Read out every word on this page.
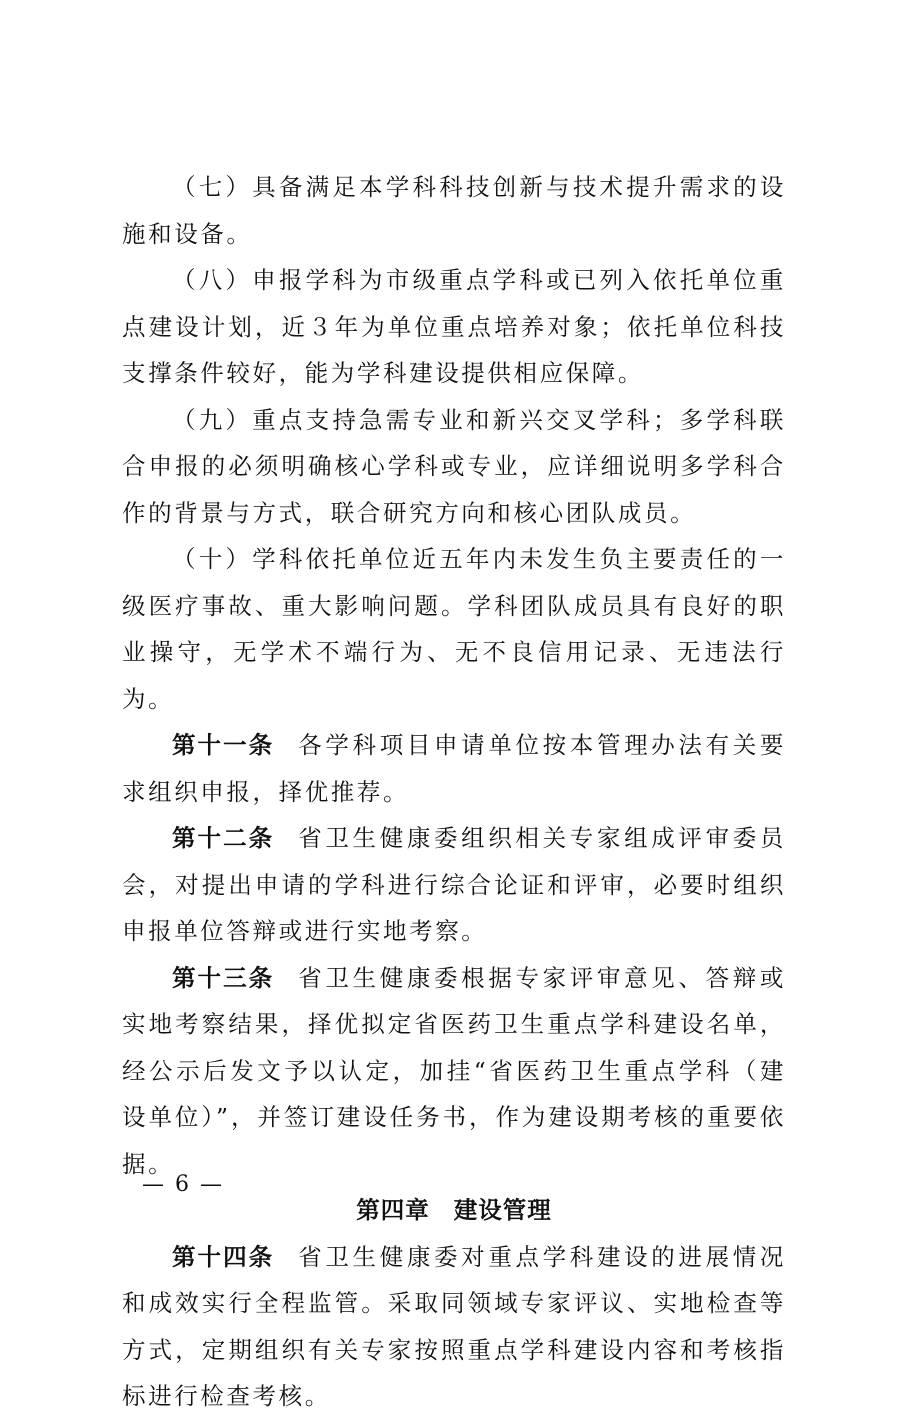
（七）具备满足本学科科技创新与技术提升需求的设施和设备。

（八）申报学科为市级重点学科或已列入依托单位重点建设计划，近３年为单位重点培养对象；依托单位科技支撑条件较好，能为学科建设提供相应保障。

（九）重点支持急需专业和新兴交叉学科；多学科联合申报的必须明确核心学科或专业，应详细说明多学科合作的背景与方式，联合研究方向和核心团队成员。

（十）学科依托单位近五年内未发生负主要责任的一级医疗事故、重大影响问题。学科团队成员具有良好的职业操守，无学术不端行为、无不良信用记录、无违法行为。

第十一条 各学科项目申请单位按本管理办法有关要求组织申报，择优推荐。

第十二条 省卫生健康委组织相关专家组成评审委员会，对提出申请的学科进行综合论证和评审，必要时组织申报单位答辩或进行实地考察。

第十三条 省卫生健康委根据专家评审意见、答辩或实地考察结果，择优拟定省医药卫生重点学科建设名单，经公示后发文予以认定，加挂“省医药卫生重点学科（建设单位）”，并签订建设任务书，作为建设期考核的重要依据。

第四章 建设管理

第十四条 省卫生健康委对重点学科建设的进展情况和成效实行全程监管。采取同领域专家评议、实地检查等方式，定期组织有关专家按照重点学科建设内容和考核指标进行检查考核。

— 6 —
